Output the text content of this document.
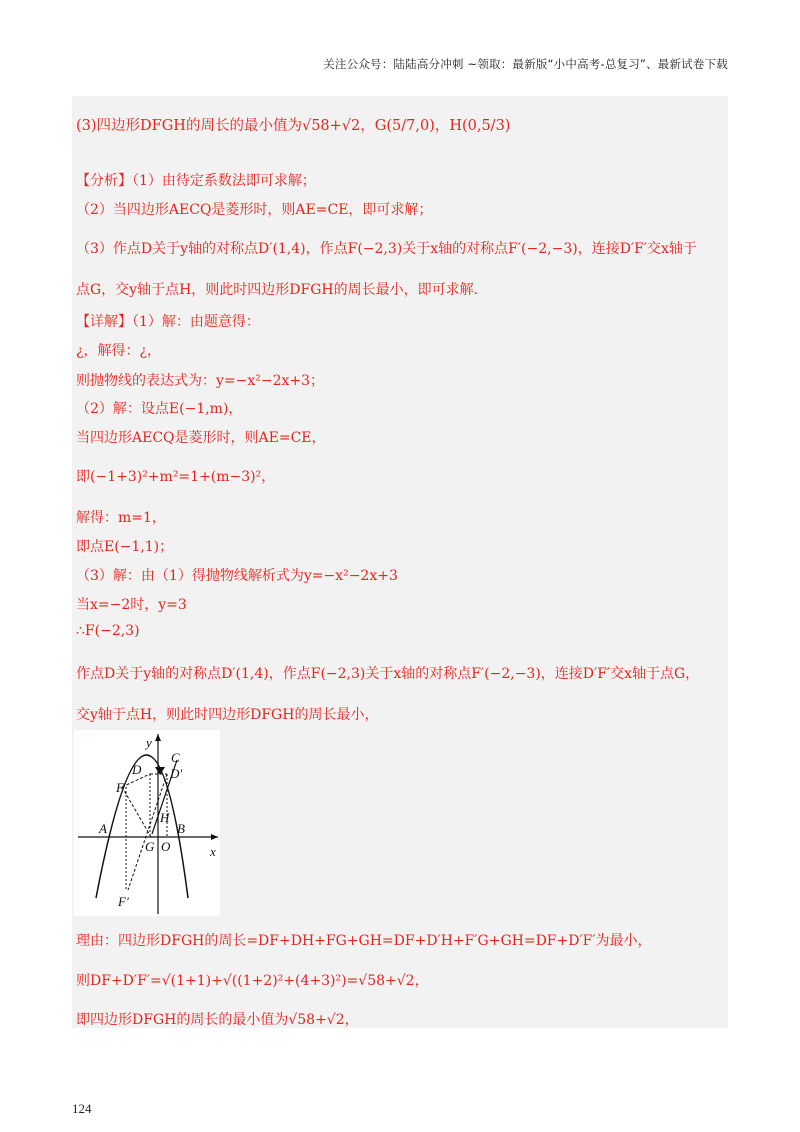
关注公众号：陆陆高分冲刺 ~领取：最新版“小中高考-总复习”、最新试卷下载
(3)四边形DFGH的周长的最小值为√58+√2，G(5/7,0)，H(0,5/3)
【分析】（1）由待定系数法即可求解；
（2）当四边形AECQ是菱形时，则AE=CE，即可求解；
（3）作点D关于y轴的对称点D′(1,4)，作点F(−2,3)关于x轴的对称点F′(−2,−3)，连接D′F′交x轴于
点G，交y轴于点H，则此时四边形DFGH的周长最小，即可求解.
【详解】（1）解：由题意得：
¿，解得：¿，
则抛物线的表达式为：y=−x²−2x+3；
（2）解：设点E(−1,m)，
当四边形AECQ是菱形时，则AE=CE，
即(−1+3)²+m²=1+(m−3)²，
解得：m=1，
即点E(−1,1)；
（3）解：由（1）得抛物线解析式为y=−x²−2x+3
当x=−2时，y=3
∴F(−2,3)
作点D关于y轴的对称点D′(1,4)，作点F(−2,3)关于x轴的对称点F′(−2,−3)，连接D′F′交x轴于点G，
交y轴于点H，则此时四边形DFGH的周长最小，
y
x
C
D D′
F
A	B
H
G O
F′
理由：四边形DFGH的周长=DF+DH+FG+GH=DF+D′H+F′G+GH=DF+D′F′为最小，
则DF+D′F′=√(1+1)+√((1+2)²+(4+3)²)=√58+√2，
即四边形DFGH的周长的最小值为√58+√2，
124
